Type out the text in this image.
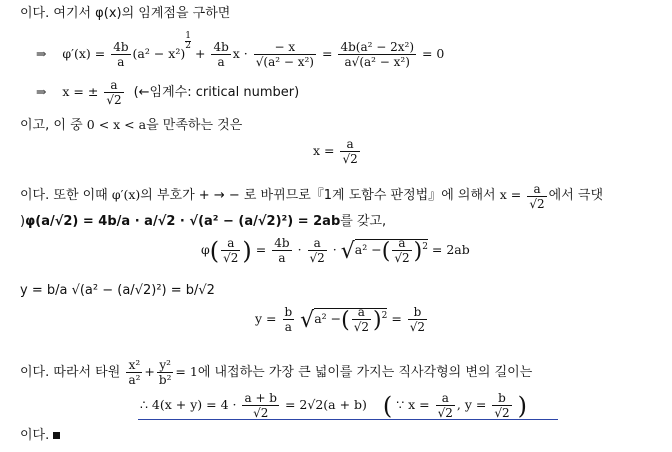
이다. 여기서 φ(x)의 임계점을 구하면
⇒ $\varphi'(x) = \frac{4b}{a} (a^2 - x^2)$
$^{\frac{1}{2}}$
+ $\frac{4b}{a}$ $x \cdot \frac{- x}{\text{√(a² − x²)}} = \frac{\text{4b(a² − 2x²)}}{\text{a√(a² − x²)}} = 0$
⇒ x = ± $\frac{a}{√2}$ (←임계수: critical number)
이고, 이 중 0 < x < a을 만족하는 것은
$x = \frac{a}{√2}$
이다. 또한 이때 φ′(x)의 부호가 + → − 로 바뀌므로『1계 도함수 판정법』에 의해서 $x = \frac{a}{√2}$ 에서 극댓
)φ(a/√2) = 4b/a · a/√2 · √(a² − (a/√2)²) = 2ab를 갖고,
$\varphi( \frac{a}{√2}$ ) = $\frac{4b}{a} \cdot \frac{a}{√2} \cdot √a^2$ −( $\frac{a}{√2} )^2 = 2ab$
y = b/a √(a² − (a/√2)²) = b/√2
$y = \frac{b}{a} √a^2$ −( $\frac{a}{√2} )^2 = \frac{b}{√2}$
이다. 따라서 타원 $\frac{\text{x²}}{\text{a²}} + \frac{\text{y²}}{\text{b²}} = 1$에 내접하는 가장 큰 넓이를 가지는 직사각형의 변의 길이는
∴ $4(x + y) = 4 \cdot \frac{a + b}{√2} = 2√2(a + b)$ ( ∵ $x = \frac{a}{√2}$ , $y = \frac{b}{√2}$ )
이다.
